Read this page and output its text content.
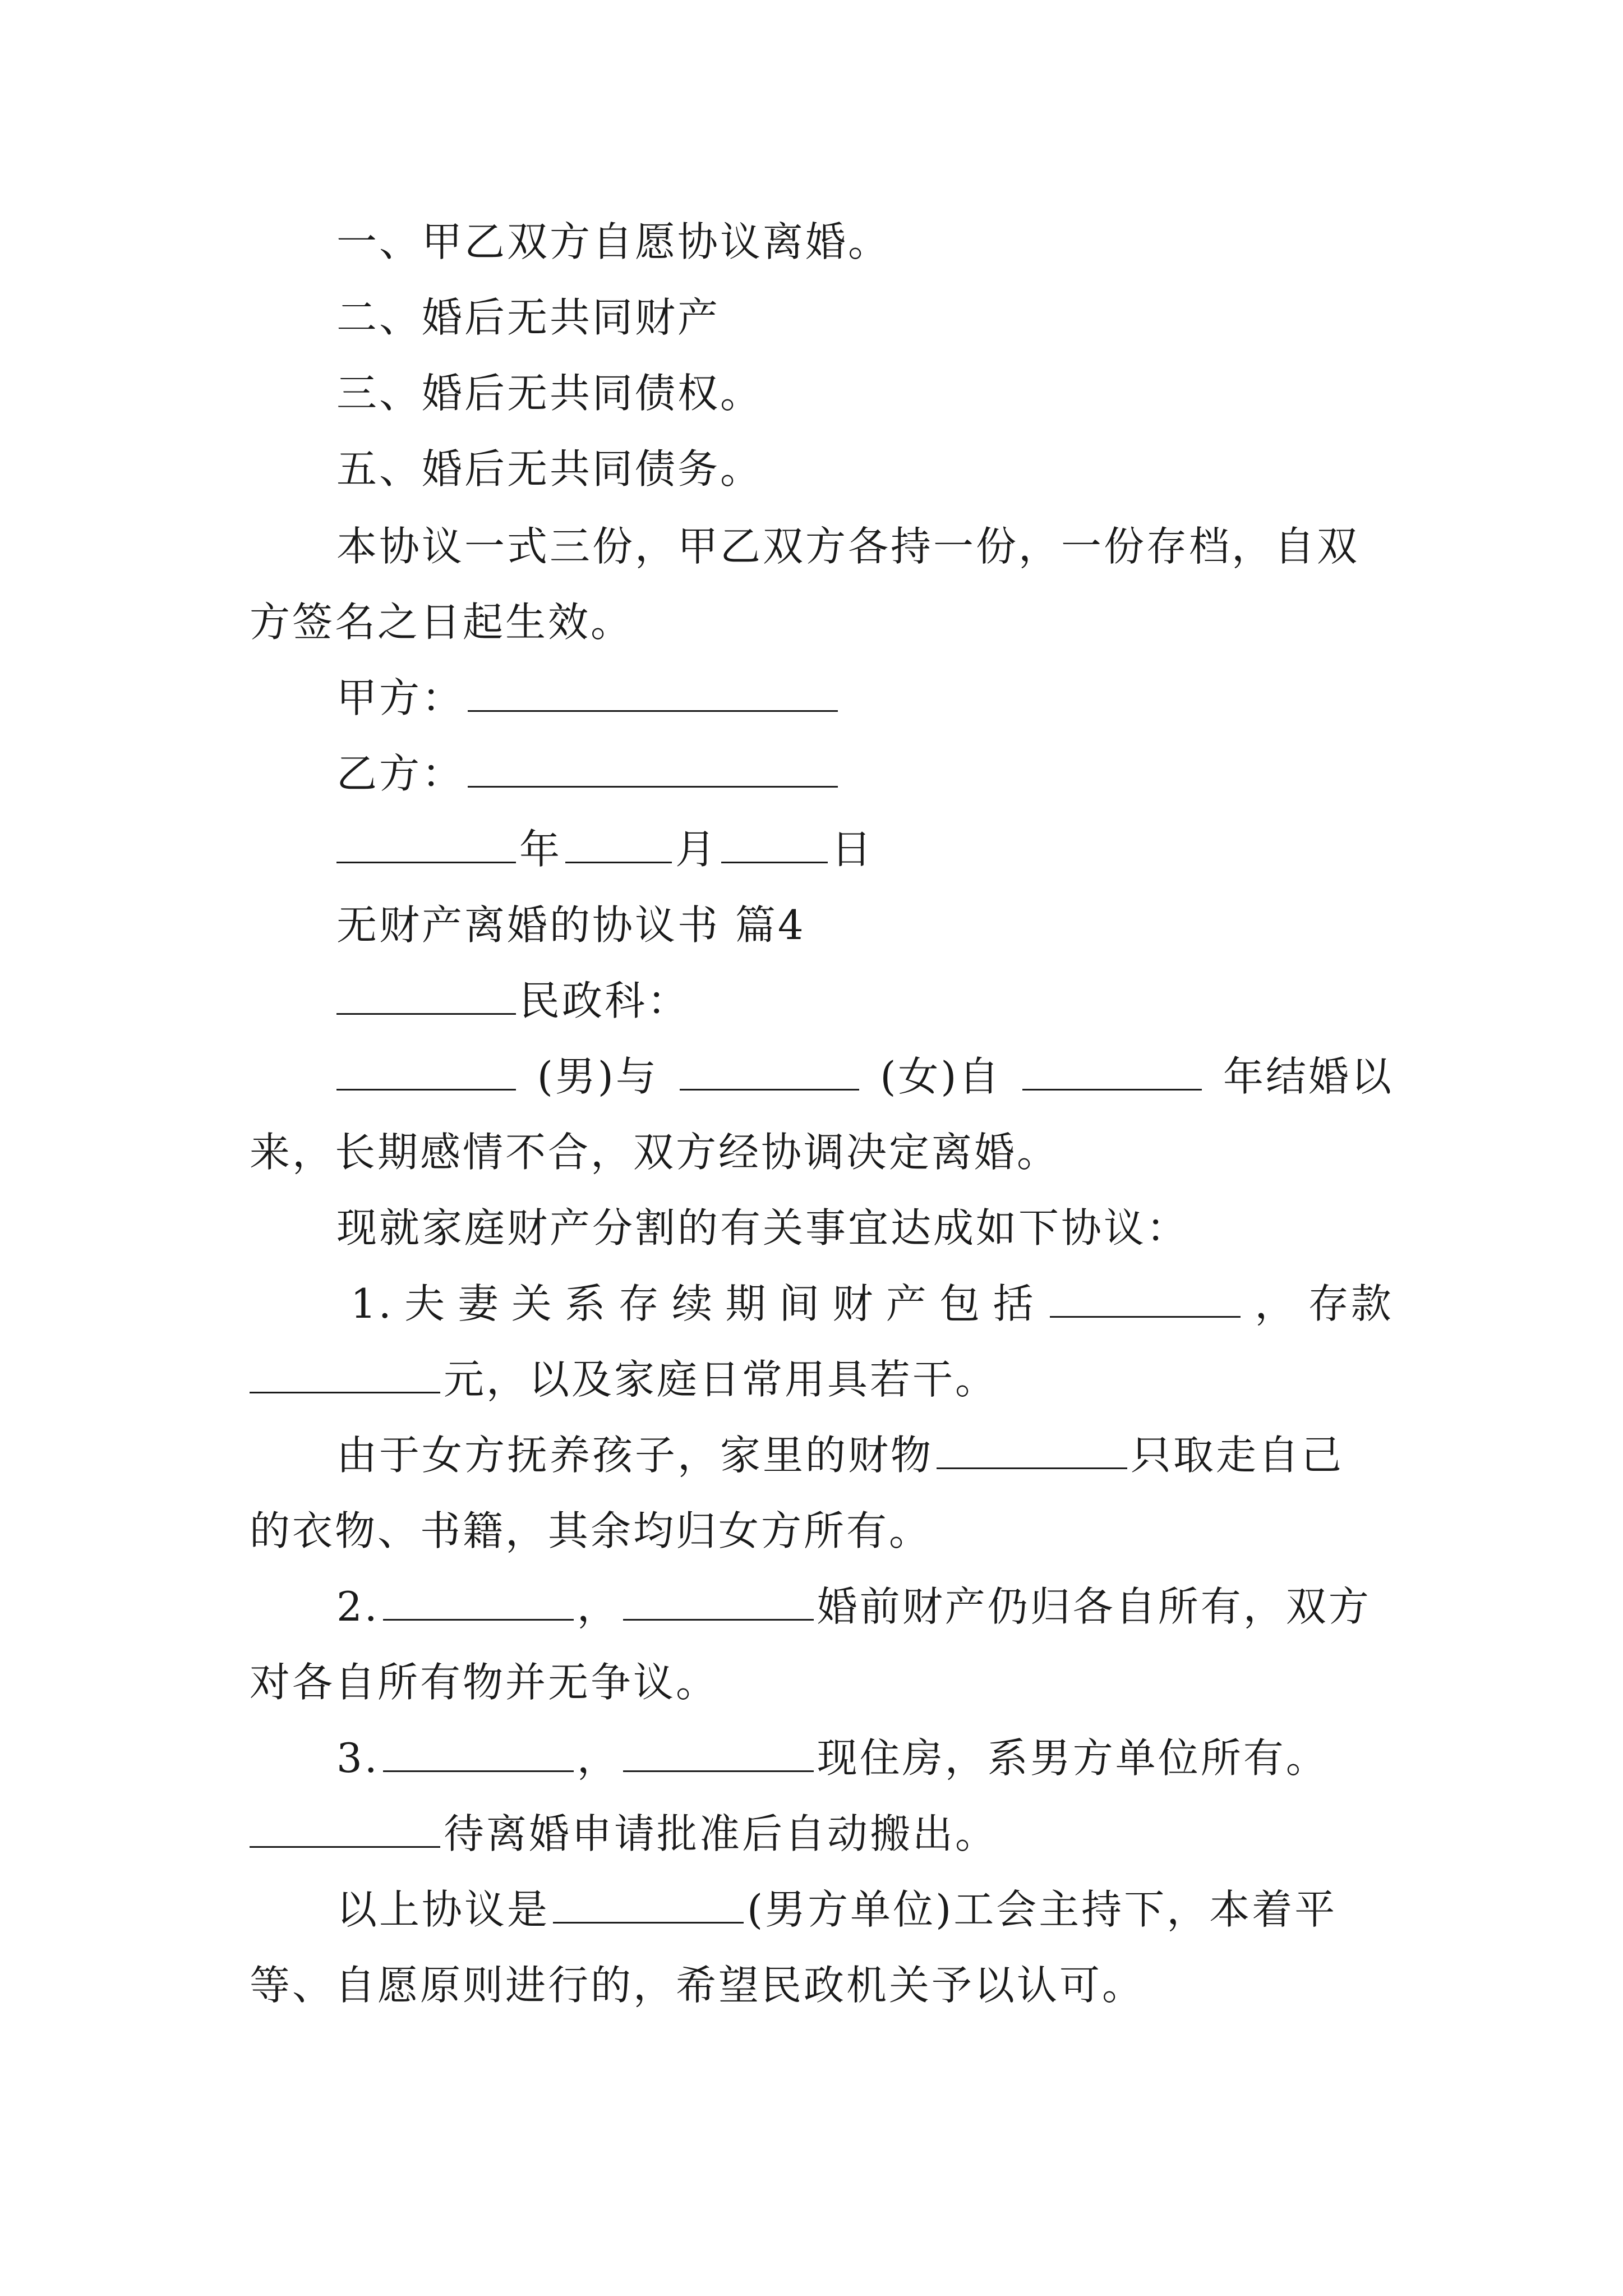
一、甲乙双方自愿协议离婚。
二、婚后无共同财产
三、婚后无共同债权。
五、婚后无共同债务。
本协议一式三份，甲乙双方各持一份，一份存档，自双
方签名之日起生效。
甲方：
乙方：
年	月	日
无财产离婚的协议书 篇4
民政科：
(男)与	(女)自	年结婚以
来，长期感情不合，双方经协调决定离婚。
现就家庭财产分割的有关事宜达成如下协议：
1. 夫 妻 关 系 存 续 期 间 财 产 包 括	， 存款
元，以及家庭日常用具若干。
由于女方抚养孩子，家里的财物	只取走自己
的衣物、书籍，其余均归女方所有。
2.	，	婚前财产仍归各自所有，双方
对各自所有物并无争议。
3.	，	现住房，系男方单位所有。
待离婚申请批准后自动搬出。
以上协议是	(男方单位)工会主持下，本着平
等、自愿原则进行的，希望民政机关予以认可。
